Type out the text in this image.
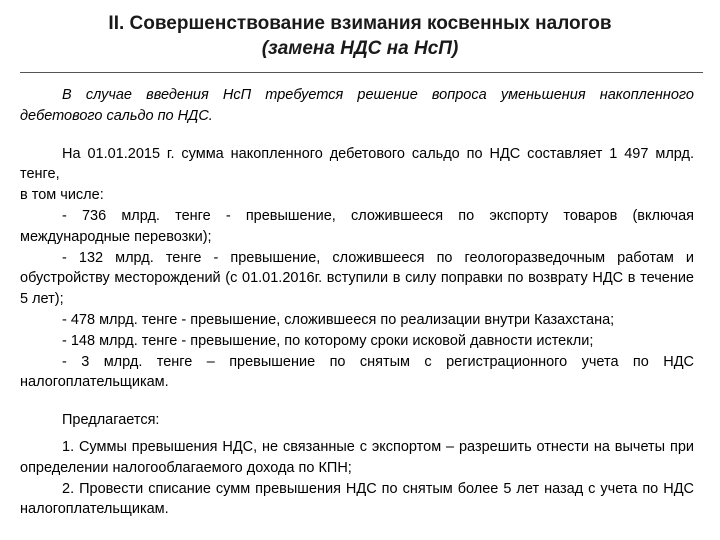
II. Совершенствование взимания косвенных налогов
(замена НДС на НсП)

В случае введения НсП требуется решение вопроса уменьшения накопленного дебетового сальдо по НДС.

На 01.01.2015 г. сумма накопленного дебетового сальдо по НДС составляет 1 497 млрд. тенге,

в том числе:

- 736 млрд. тенге - превышение, сложившееся по экспорту товаров (включая международные перевозки);

- 132 млрд. тенге - превышение, сложившееся по геологоразведочным работам и обустройству месторождений (с 01.01.2016г. вступили в силу поправки по возврату НДС в течение 5 лет);

- 478 млрд. тенге - превышение, сложившееся по реализации внутри Казахстана;

- 148 млрд. тенге - превышение, по которому сроки исковой давности истекли;

- 3 млрд. тенге – превышение по снятым с регистрационного учета по НДС налогоплательщикам.

Предлагается:

1. Суммы превышения НДС, не связанные с экспортом – разрешить отнести на вычеты при определении налогооблагаемого дохода по КПН;

2. Провести списание сумм превышения НДС по снятым более 5 лет назад с учета по НДС налогоплательщикам.
